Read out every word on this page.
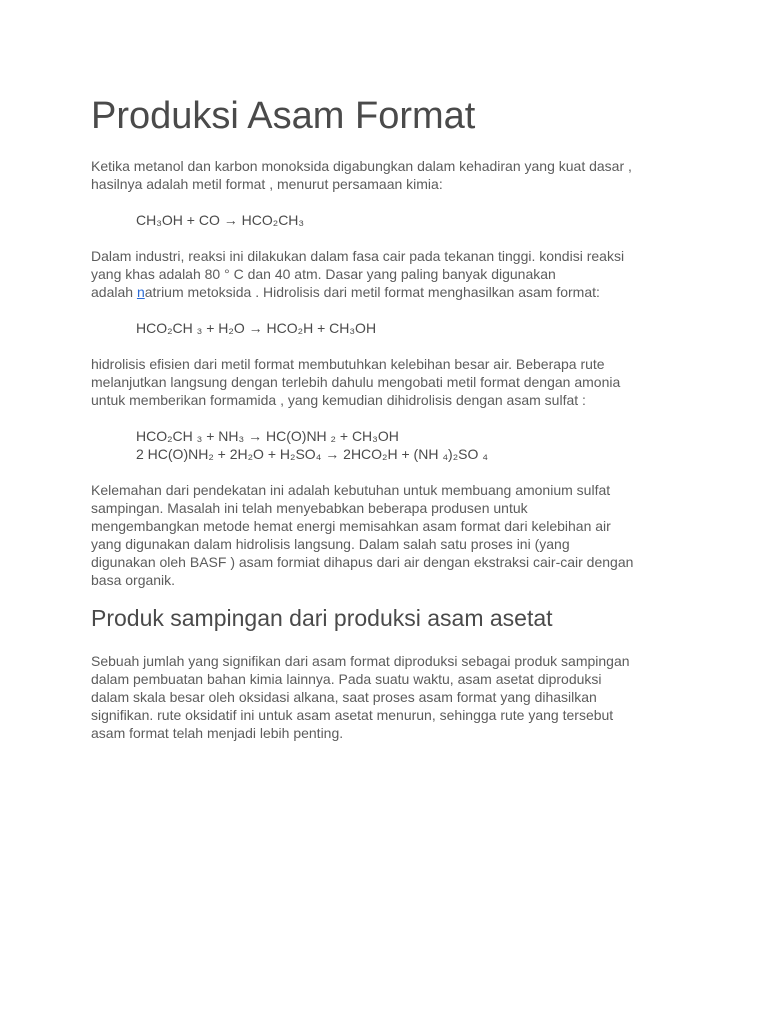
Produksi Asam Format

Ketika metanol dan karbon monoksida digabungkan dalam kehadiran yang kuat dasar ,
hasilnya adalah metil format , menurut persamaan kimia:

CH₃OH + CO → HCO₂CH₃

Dalam industri, reaksi ini dilakukan dalam fasa cair pada tekanan tinggi. kondisi reaksi
yang khas adalah 80 ° C dan 40 atm. Dasar yang paling banyak digunakan
adalah natrium metoksida . Hidrolisis dari metil format menghasilkan asam format:

HCO₂CH ₃ + H₂O → HCO₂H + CH₃OH

hidrolisis efisien dari metil format membutuhkan kelebihan besar air. Beberapa rute
melanjutkan langsung dengan terlebih dahulu mengobati metil format dengan amonia
untuk memberikan formamida , yang kemudian dihidrolisis dengan asam sulfat :

HCO₂CH ₃ + NH₃ → HC(O)NH ₂ + CH₃OH
2 HC(O)NH₂ + 2H₂O + H₂SO₄ → 2HCO₂H + (NH ₄)₂SO ₄

Kelemahan dari pendekatan ini adalah kebutuhan untuk membuang amonium sulfat
sampingan. Masalah ini telah menyebabkan beberapa produsen untuk
mengembangkan metode hemat energi memisahkan asam format dari kelebihan air
yang digunakan dalam hidrolisis langsung. Dalam salah satu proses ini (yang
digunakan oleh BASF ) asam formiat dihapus dari air dengan ekstraksi cair-cair dengan
basa organik.

Produk sampingan dari produksi asam asetat

Sebuah jumlah yang signifikan dari asam format diproduksi sebagai produk sampingan
dalam pembuatan bahan kimia lainnya. Pada suatu waktu, asam asetat diproduksi
dalam skala besar oleh oksidasi alkana, saat proses asam format yang dihasilkan
signifikan. rute oksidatif ini untuk asam asetat menurun, sehingga rute yang tersebut
asam format telah menjadi lebih penting.
